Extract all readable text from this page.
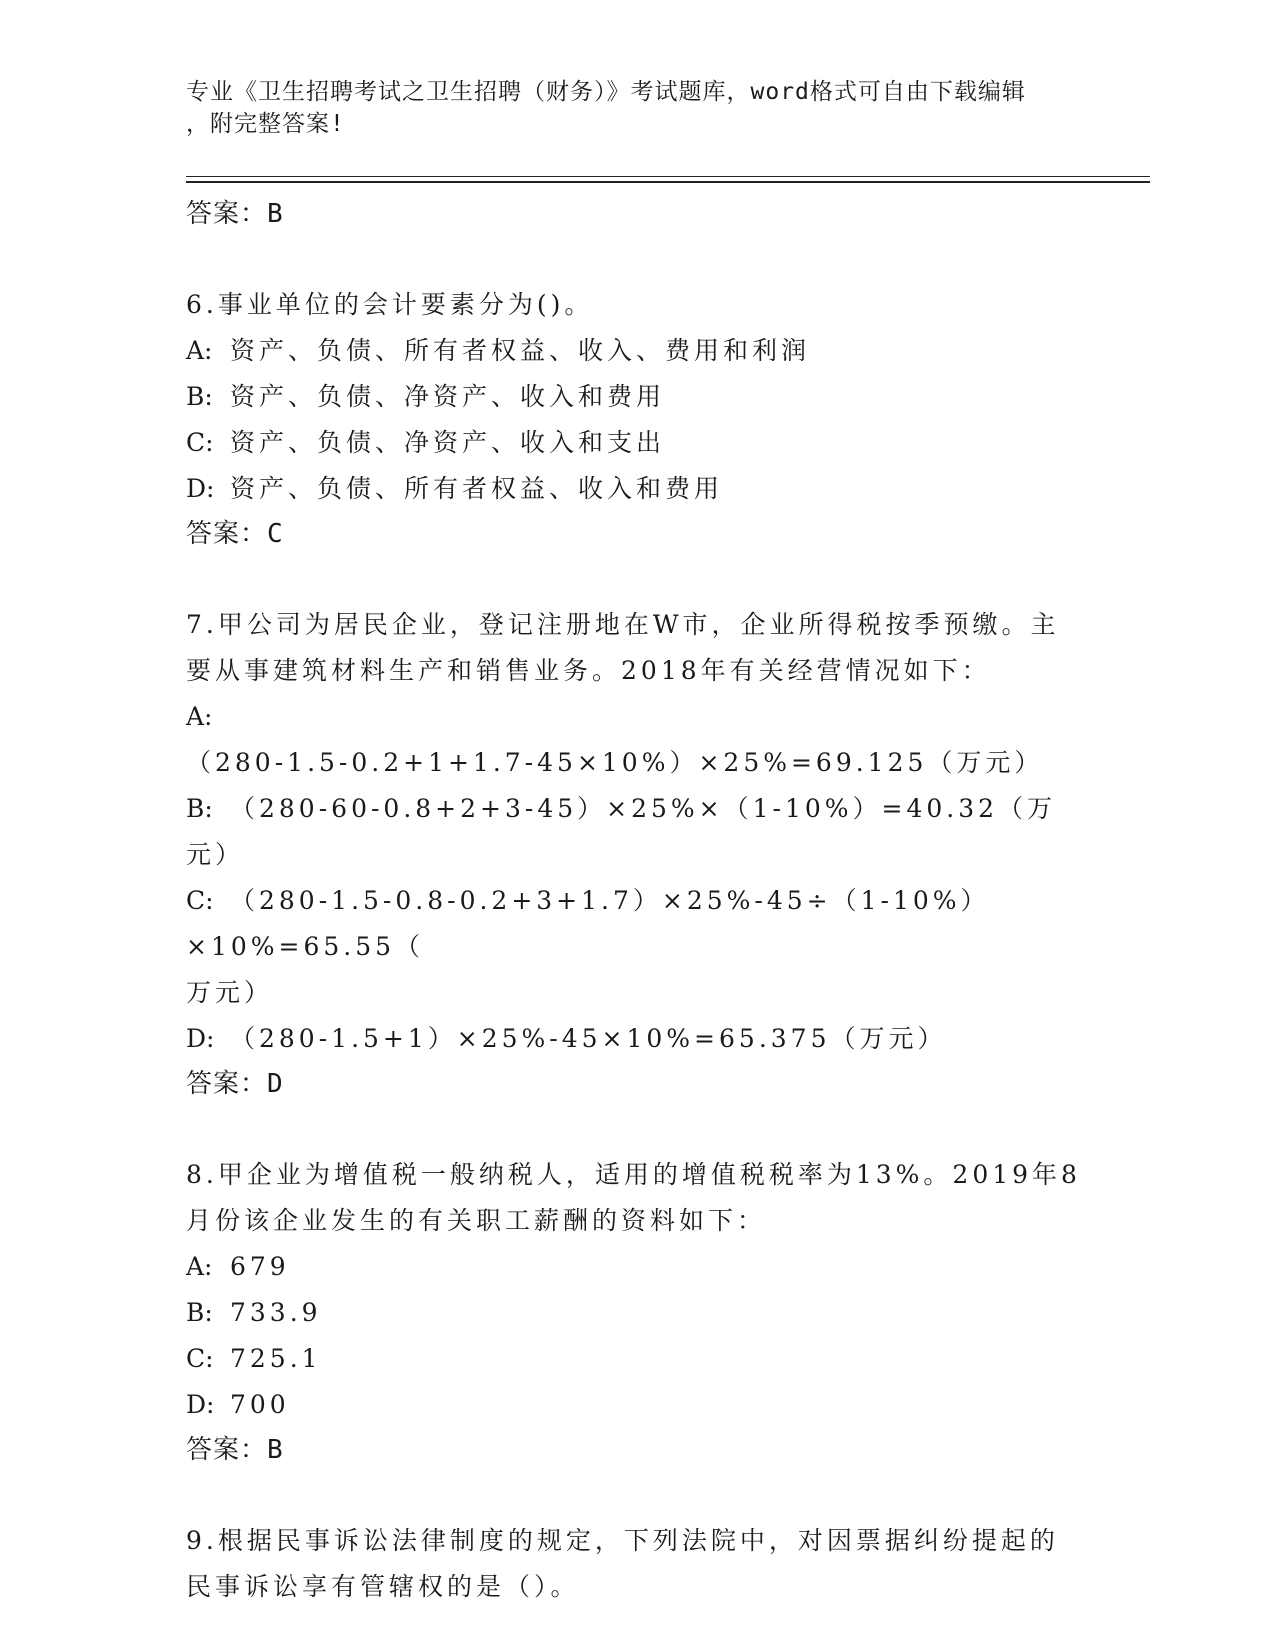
专业《卫生招聘考试之卫生招聘（财务）》考试题库，word格式可自由下载编辑
，附完整答案!
答案：B
6.事业单位的会计要素分为()。
A: 资产、负债、所有者权益、收入、费用和利润
B: 资产、负债、净资产、收入和费用
C: 资产、负债、净资产、收入和支出
D: 资产、负债、所有者权益、收入和费用
答案：C
7.甲公司为居民企业，登记注册地在W市，企业所得税按季预缴。主
要从事建筑材料生产和销售业务。2018年有关经营情况如下：
A:（280-1.5-0.2+1+1.7-45×10%）×25%=69.125（万元）
B: （280-60-0.8+2+3-45）×25%×（1-10%）=40.32（万元）
C: （280-1.5-0.8-0.2+3+1.7）×25%-45÷（1-10%）×10%=65.55（
万元）
D: （280-1.5+1）×25%-45×10%=65.375（万元）
答案：D
8.甲企业为增值税一般纳税人，适用的增值税税率为13%。2019年8
月份该企业发生的有关职工薪酬的资料如下：
A: 679
B: 733.9
C: 725.1
D: 700
答案：B
9.根据民事诉讼法律制度的规定，下列法院中，对因票据纠纷提起的
民事诉讼享有管辖权的是（）。
